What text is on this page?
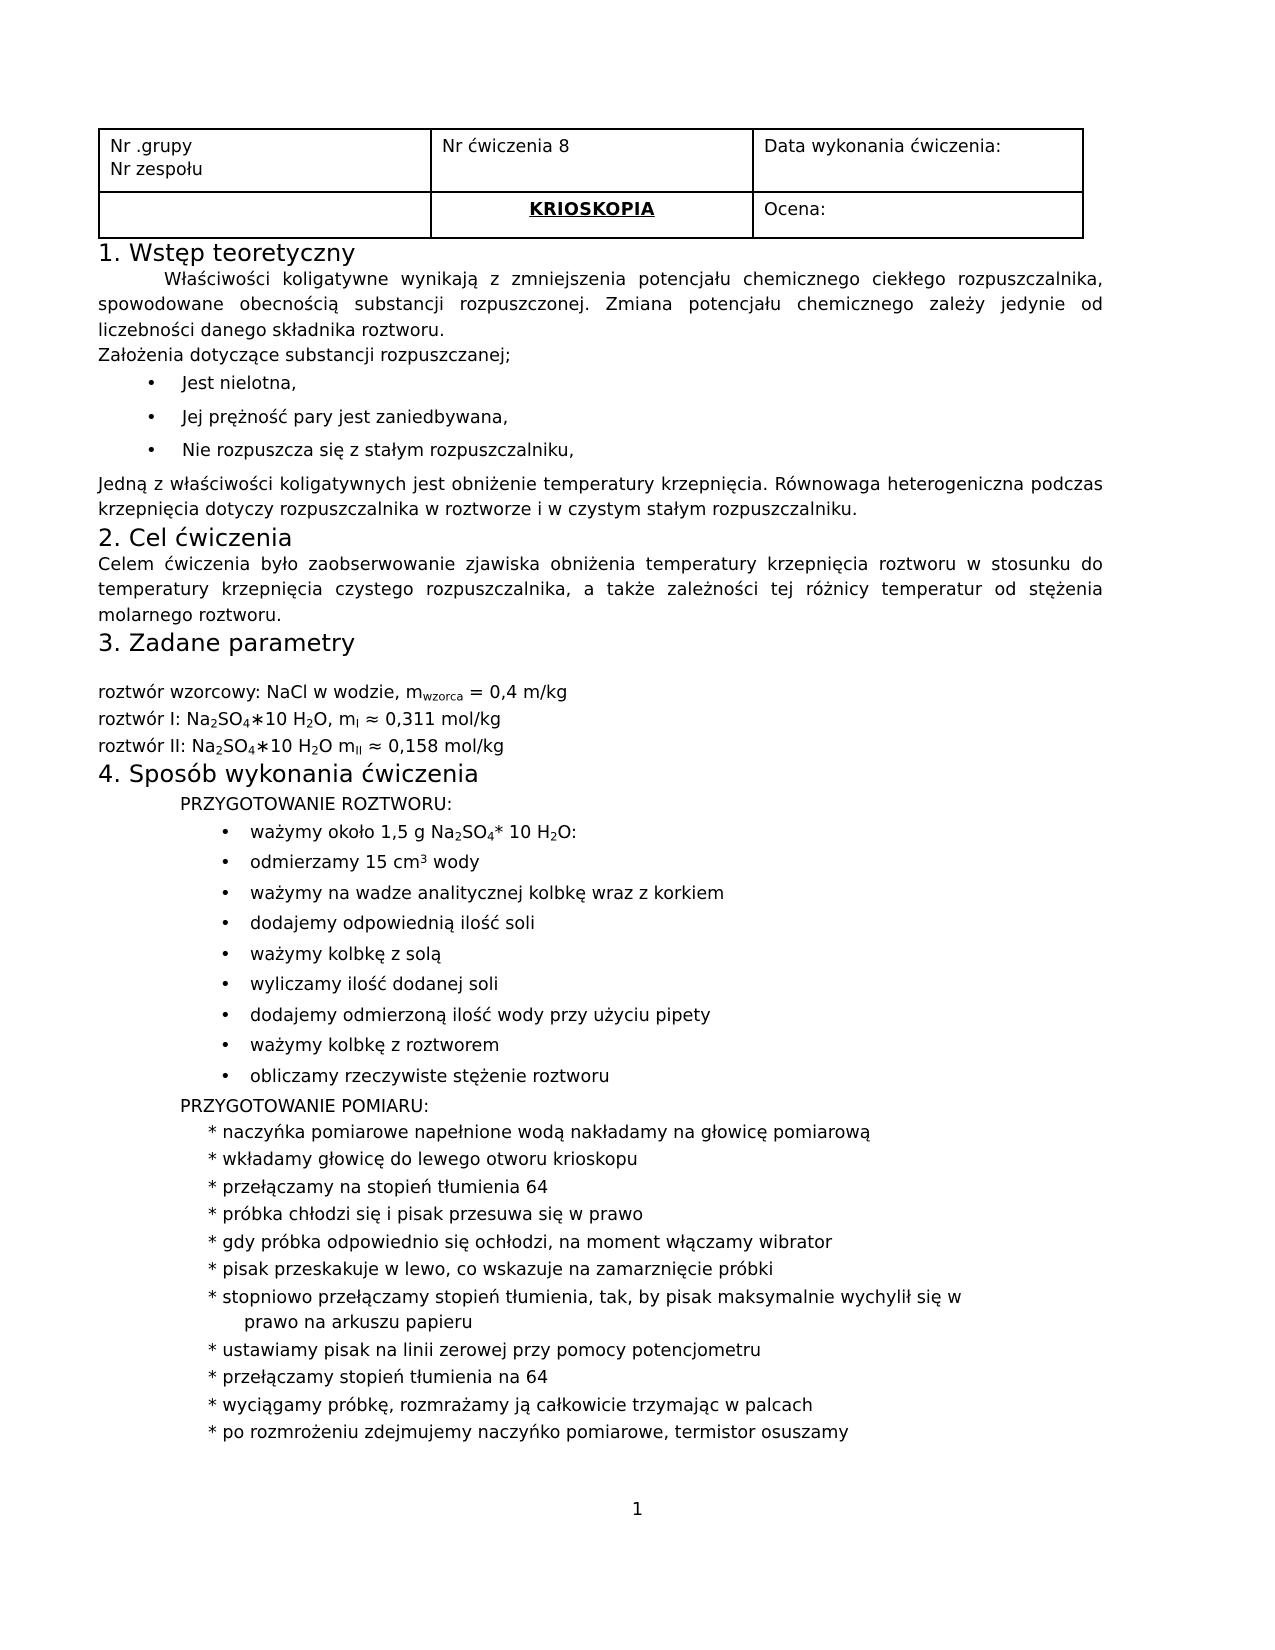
Nr .grupy
Nr zespołu	Nr ćwiczenia 8	Data wykonania ćwiczenia:

	KRIOSKOPIA	Ocena:
1. Wstęp teoretyczny

Właściwości koligatywne wynikają z zmniejszenia potencjału chemicznego ciekłego rozpuszczalnika, spowodowane obecnością substancji rozpuszczonej. Zmiana potencjału chemicznego zależy jedynie od liczebności danego składnika roztworu.

Założenia dotyczące substancji rozpuszczanej;

• Jest nielotna,
• Jej prężność pary jest zaniedbywana,
• Nie rozpuszcza się z stałym rozpuszczalniku,

Jedną z właściwości koligatywnych jest obniżenie temperatury krzepnięcia. Równowaga heterogeniczna podczas krzepnięcia dotyczy rozpuszczalnika w roztworze i w czystym stałym rozpuszczalniku.

2. Cel ćwiczenia

Celem ćwiczenia było zaobserwowanie zjawiska obniżenia temperatury krzepnięcia roztworu w stosunku do temperatury krzepnięcia czystego rozpuszczalnika, a także zależności tej różnicy temperatur od stężenia molarnego roztworu.

3. Zadane parametry
roztwór wzorcowy: NaCl w wodzie, $m_{wzorca} = 0,4$ m/kg
roztwór I: $Na_2SO_4∗10$ $H_2O$, $m_I \approx 0,311$ mol/kg
roztwór II: $Na_2SO_4∗10$ $H_2O$ $m_{II} \approx 0,158$ mol/kg
4. Sposób wykonania ćwiczenia

PRZYGOTOWANIE ROZTWORU:

• ważymy około 1,5 g $Na_2SO_4*$ 10 $H_2O$:
• odmierzamy 15 $cm^3$ wody
• ważymy na wadze analitycznej kolbkę wraz z korkiem
• dodajemy odpowiednią ilość soli
• ważymy kolbkę z solą
• wyliczamy ilość dodanej soli
• dodajemy odmierzoną ilość wody przy użyciu pipety
• ważymy kolbkę z roztworem
• obliczamy rzeczywiste stężenie roztworu

PRZYGOTOWANIE POMIARU:

* naczyńka pomiarowe napełnione wodą nakładamy na głowicę pomiarową
* wkładamy głowicę do lewego otworu krioskopu
* przełączamy na stopień tłumienia 64
* próbka chłodzi się i pisak przesuwa się w prawo
* gdy próbka odpowiednio się ochłodzi, na moment włączamy wibrator
* pisak przeskakuje w lewo, co wskazuje na zamarznięcie próbki
* stopniowo przełączamy stopień tłumienia, tak, by pisak maksymalnie wychylił się w
prawo na arkuszu papieru
* ustawiamy pisak na linii zerowej przy pomocy potencjometru
* przełączamy stopień tłumienia na 64
* wyciągamy próbkę, rozmrażamy ją całkowicie trzymając w palcach
* po rozmrożeniu zdejmujemy naczyńko pomiarowe, termistor osuszamy
1
